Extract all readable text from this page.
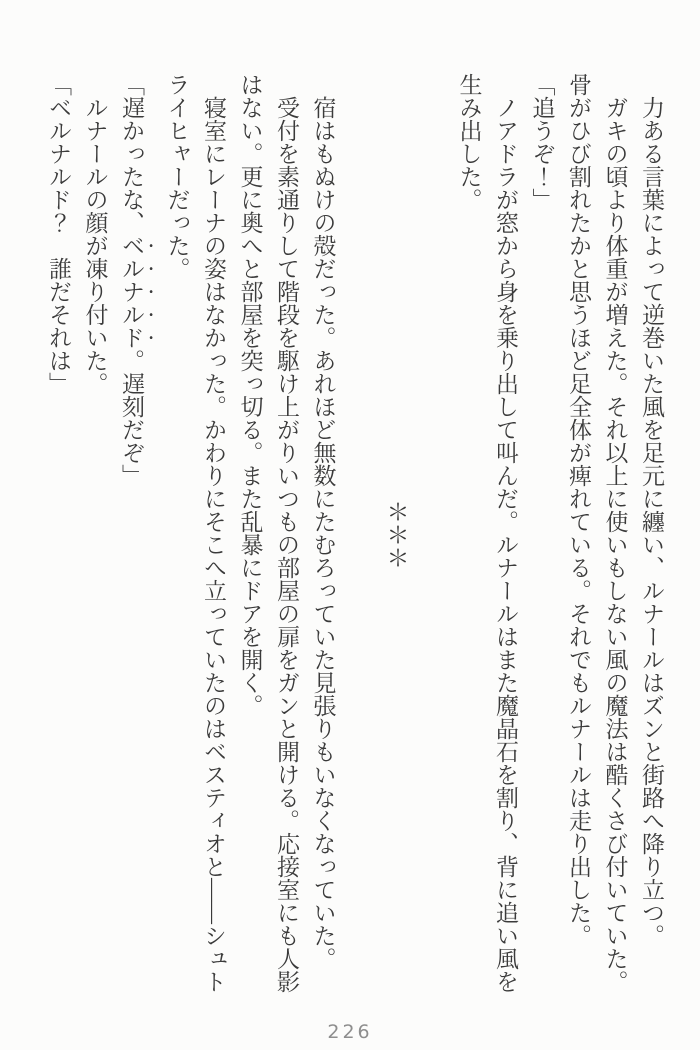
力ある言葉によって逆巻いた風を足元に纏い、ルナールはズンと街路へ降り立つ。

ガキの頃より体重が増えた。それ以上に使いもしない風の魔法は酷くさび付いていた。

骨がひび割れたかと思うほど足全体が痺れている。それでもルナールは走り出した。

「追うぞ！」

ノアドラが窓から身を乗り出して叫んだ。ルナールはまた魔晶石を割り、背に追い風を

生み出した。

＊＊＊

宿はもぬけの殻だった。あれほど無数にたむろっていた見張りもいなくなっていた。

受付を素通りして階段を駆け上がりいつもの部屋の扉をガンと開ける。応接室にも人影

はない。更に奥へと部屋を突っ切る。また乱暴にドアを開く。

寝室にレーナの姿はなかった。かわりにそこへ立っていたのはベスティオと――シュト

ライヒャーだった。

「遅かったな、ベルナルド。遅刻だぞ」

ルナールの顔が凍り付いた。

「ベルナルド？　誰だそれは」

226
